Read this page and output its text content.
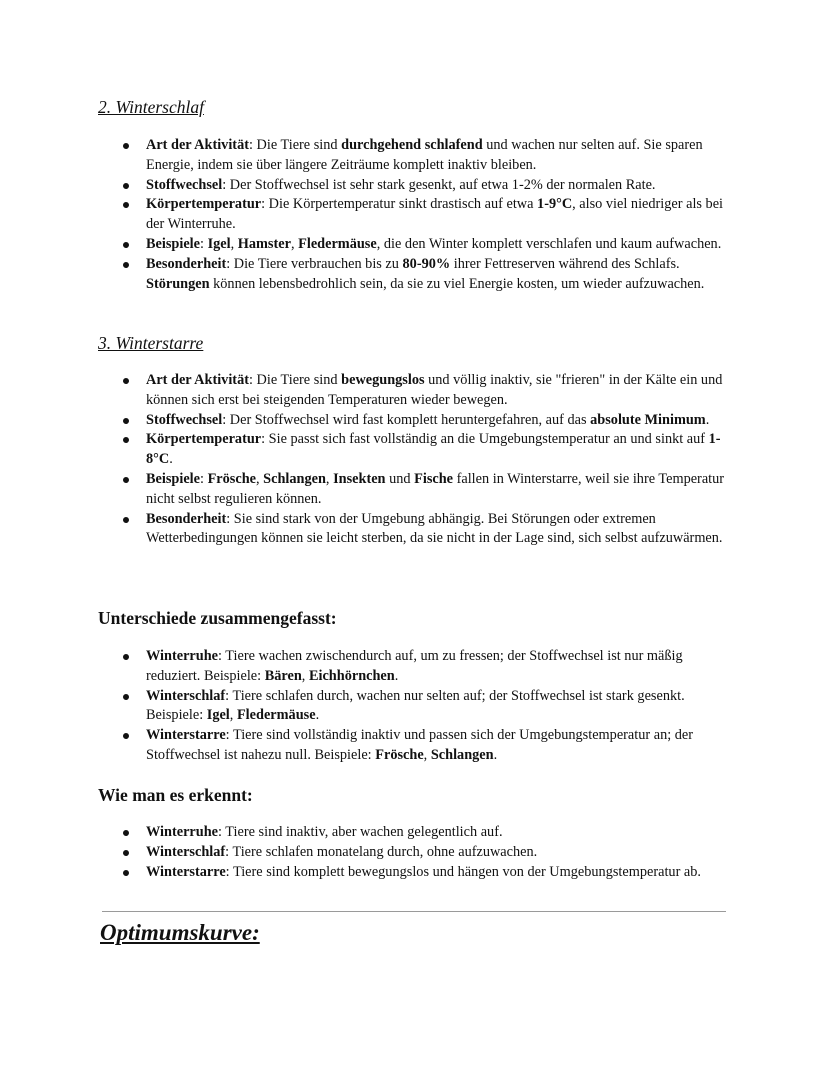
2. Winterschlaf
Art der Aktivität: Die Tiere sind durchgehend schlafend und wachen nur selten auf. Sie sparen Energie, indem sie über längere Zeiträume komplett inaktiv bleiben.
Stoffwechsel: Der Stoffwechsel ist sehr stark gesenkt, auf etwa 1-2% der normalen Rate.
Körpertemperatur: Die Körpertemperatur sinkt drastisch auf etwa 1-9°C, also viel niedriger als bei der Winterruhe.
Beispiele: Igel, Hamster, Fledermäuse, die den Winter komplett verschlafen und kaum aufwachen.
Besonderheit: Die Tiere verbrauchen bis zu 80-90% ihrer Fettreserven während des Schlafs. Störungen können lebensbedrohlich sein, da sie zu viel Energie kosten, um wieder aufzuwachen.
3. Winterstarre
Art der Aktivität: Die Tiere sind bewegungslos und völlig inaktiv, sie "frieren" in der Kälte ein und können sich erst bei steigenden Temperaturen wieder bewegen.
Stoffwechsel: Der Stoffwechsel wird fast komplett heruntergefahren, auf das absolute Minimum.
Körpertemperatur: Sie passt sich fast vollständig an die Umgebungstemperatur an und sinkt auf 1-8°C.
Beispiele: Frösche, Schlangen, Insekten und Fische fallen in Winterstarre, weil sie ihre Temperatur nicht selbst regulieren können.
Besonderheit: Sie sind stark von der Umgebung abhängig. Bei Störungen oder extremen Wetterbedingungen können sie leicht sterben, da sie nicht in der Lage sind, sich selbst aufzuwärmen.
Unterschiede zusammengefasst:
Winterruhe: Tiere wachen zwischendurch auf, um zu fressen; der Stoffwechsel ist nur mäßig reduziert. Beispiele: Bären, Eichhörnchen.
Winterschlaf: Tiere schlafen durch, wachen nur selten auf; der Stoffwechsel ist stark gesenkt. Beispiele: Igel, Fledermäuse.
Winterstarre: Tiere sind vollständig inaktiv und passen sich der Umgebungstemperatur an; der Stoffwechsel ist nahezu null. Beispiele: Frösche, Schlangen.
Wie man es erkennt:
Winterruhe: Tiere sind inaktiv, aber wachen gelegentlich auf.
Winterschlaf: Tiere schlafen monatelang durch, ohne aufzuwachen.
Winterstarre: Tiere sind komplett bewegungslos und hängen von der Umgebungstemperatur ab.
Optimumskurve:
